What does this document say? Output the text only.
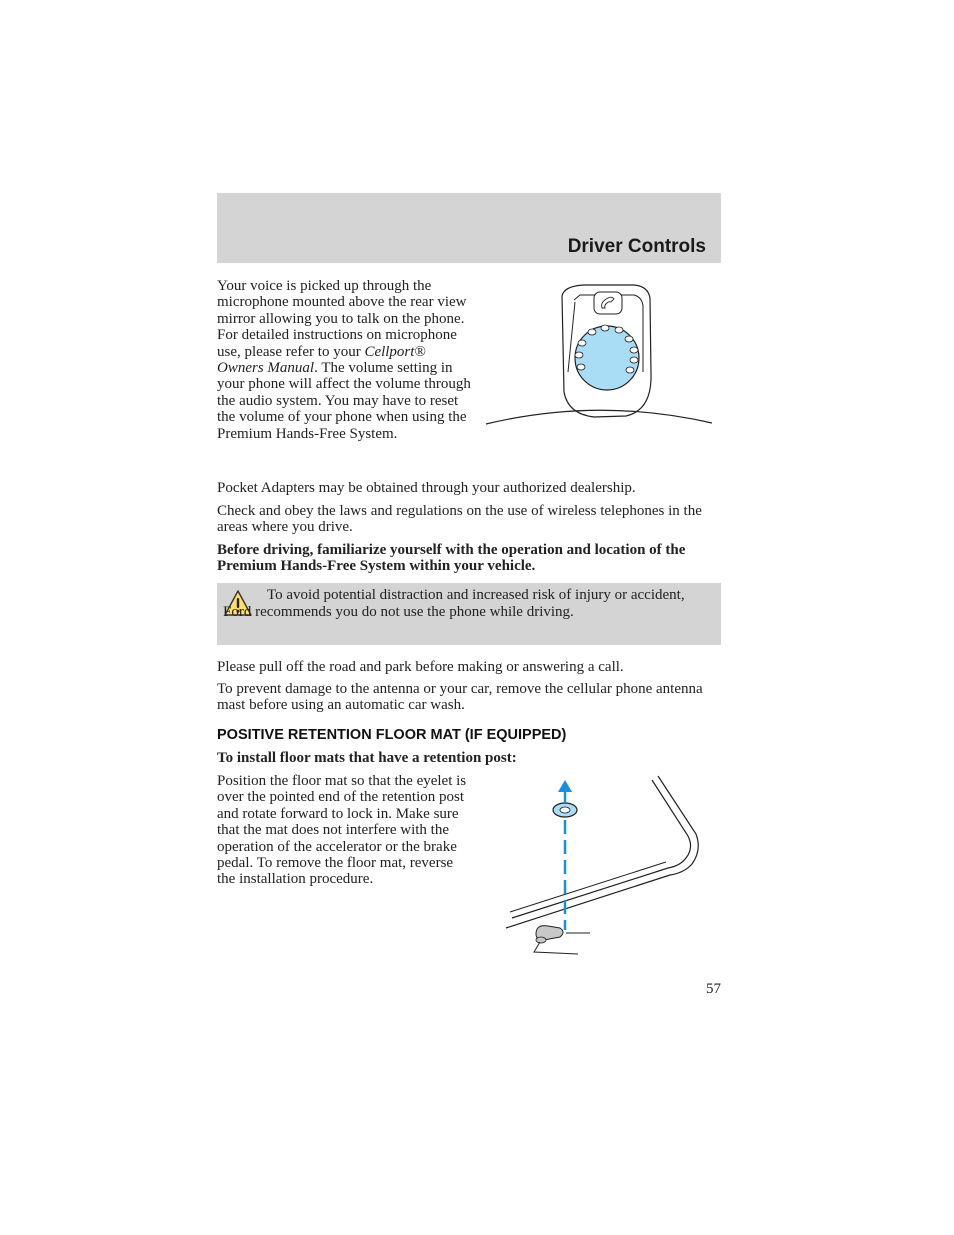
Driver Controls

Your voice is picked up through the microphone mounted above the rear view mirror allowing you to talk on the phone. For detailed instructions on microphone use, please refer to your Cellport® Owners Manual. The volume setting in your phone will affect the volume through the audio system. You may have to reset the volume of your phone when using the Premium Hands-Free System.

Pocket Adapters may be obtained through your authorized dealership.

Check and obey the laws and regulations on the use of wireless telephones in the areas where you drive.

Before driving, familiarize yourself with the operation and location of the Premium Hands-Free System within your vehicle.

To avoid potential distraction and increased risk of injury or accident, Ford recommends you do not use the phone while driving.

Please pull off the road and park before making or answering a call.

To prevent damage to the antenna or your car, remove the cellular phone antenna mast before using an automatic car wash.

POSITIVE RETENTION FLOOR MAT (IF EQUIPPED)

To install floor mats that have a retention post:

Position the floor mat so that the eyelet is over the pointed end of the retention post and rotate forward to lock in. Make sure that the mat does not interfere with the operation of the accelerator or the brake pedal. To remove the floor mat, reverse the installation procedure.

57
